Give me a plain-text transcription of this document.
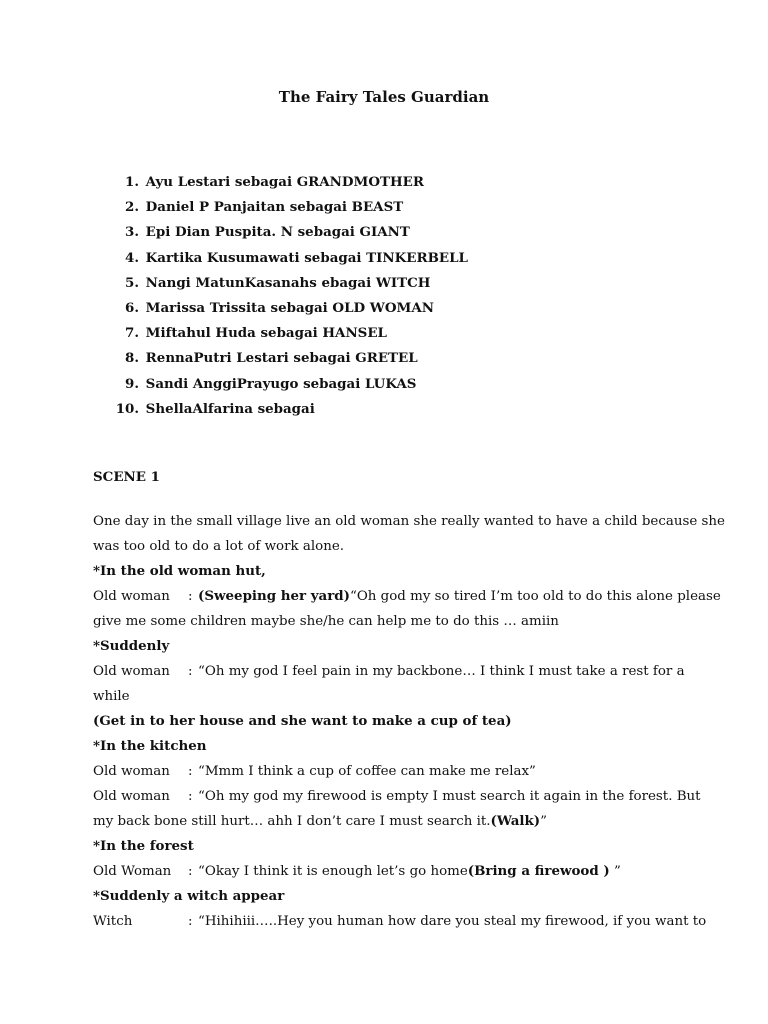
The Fairy Tales Guardian
1. Ayu Lestari sebagai GRANDMOTHER
2. Daniel P Panjaitan sebagai BEAST
3. Epi Dian Puspita. N sebagai GIANT
4. Kartika Kusumawati sebagai TINKERBELL
5. Nangi MatunKasanahs ebagai WITCH
6. Marissa Trissita sebagai OLD WOMAN
7. Miftahul Huda sebagai HANSEL
8. RennaPutri Lestari sebagai GRETEL
9. Sandi AnggiPrayugo sebagai LUKAS
10. ShellaAlfarina sebagai
SCENE 1
One day in the small village live an old woman she really wanted to have a child because she
was too old to do a lot of work alone.
*In the old woman hut,
Old woman : (Sweeping her yard)“Oh god my so tired I’m too old to do this alone please
give me some children maybe she/he can help me to do this … amiin
*Suddenly
Old woman : “Oh my god I feel pain in my backbone… I think I must take a rest for a
while
(Get in to her house and she want to make a cup of tea)
*In the kitchen
Old woman : “Mmm I think a cup of coffee can make me relax”
Old woman : “Oh my god my firewood is empty I must search it again in the forest. But
my back bone still hurt… ahh I don’t care I must search it.(Walk)”
*In the forest
Old Woman : “Okay I think it is enough let’s go home(Bring a firewood ) ”
*Suddenly a witch appear
Witch	: “Hihihiii…..Hey you human how dare you steal my firewood, if you want to
